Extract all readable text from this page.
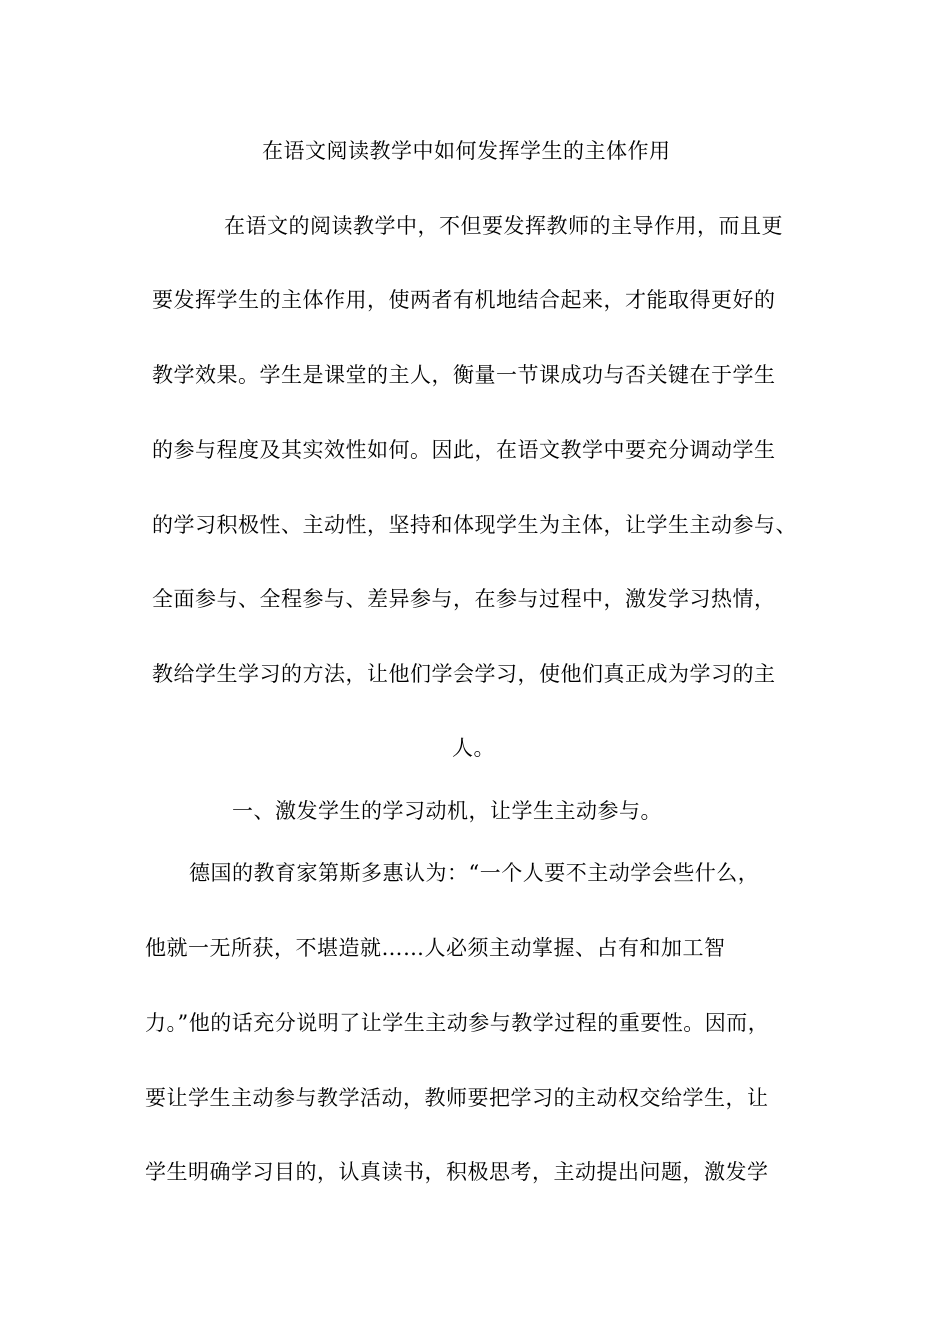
在语文阅读教学中如何发挥学生的主体作用
在语文的阅读教学中，不但要发挥教师的主导作用，而且更
要发挥学生的主体作用，使两者有机地结合起来，才能取得更好的
教学效果。学生是课堂的主人，衡量一节课成功与否关键在于学生
的参与程度及其实效性如何。因此，在语文教学中要充分调动学生
的学习积极性、主动性，坚持和体现学生为主体，让学生主动参与、
全面参与、全程参与、差异参与，在参与过程中，激发学习热情，
教给学生学习的方法，让他们学会学习，使他们真正成为学习的主
人。
一、激发学生的学习动机，让学生主动参与。
德国的教育家第斯多惠认为：“一个人要不主动学会些什么，
他就一无所获，不堪造就……人必须主动掌握、占有和加工智
力。”他的话充分说明了让学生主动参与教学过程的重要性。因而，
要让学生主动参与教学活动，教师要把学习的主动权交给学生，让
学生明确学习目的，认真读书，积极思考，主动提出问题，激发学
